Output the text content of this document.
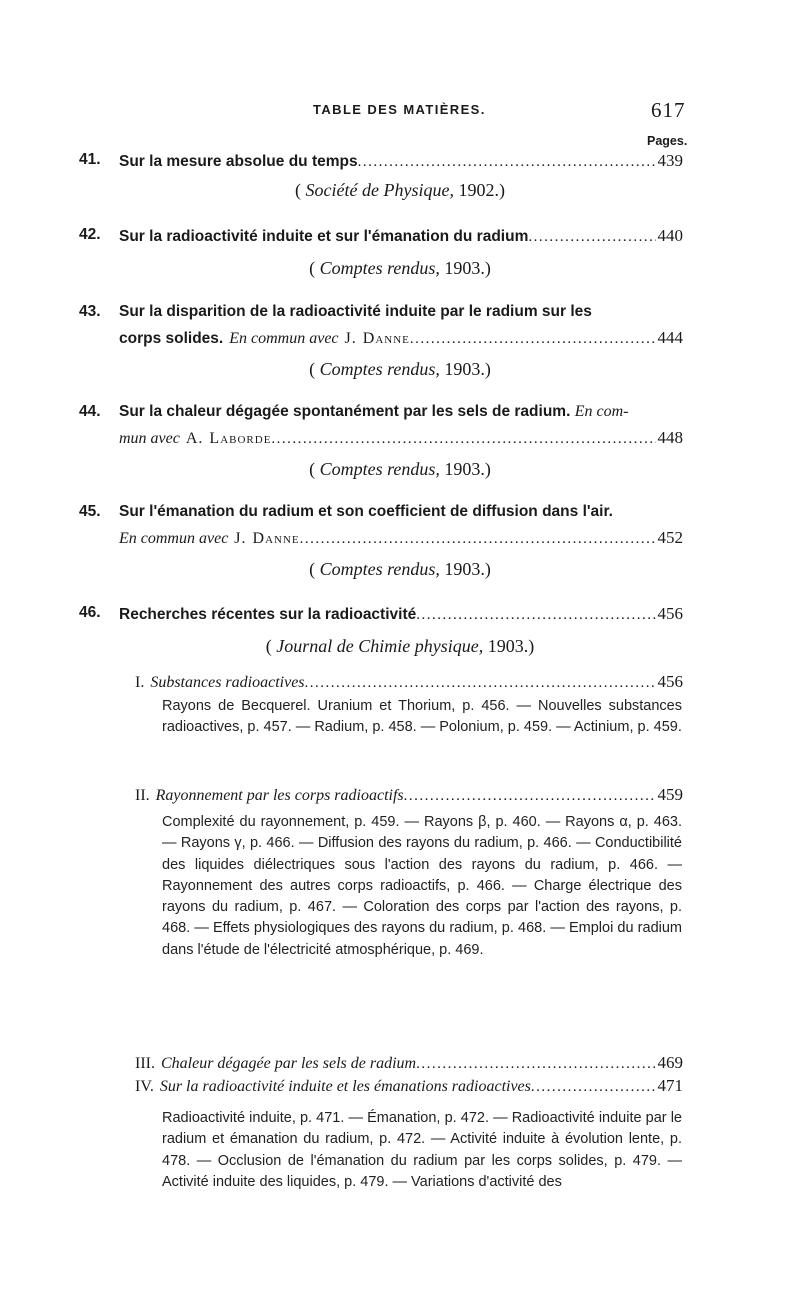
TABLE DES MATIÈRES.	617
Pages.
41. Sur la mesure absolue du temps .....	439
( Société de Physique, 1902.)
42. Sur la radioactivité induite et sur l'émanation du radium .....	440
( Comptes rendus, 1903.)
43. Sur la disparition de la radioactivité induite par le radium sur les
corps solides. En commun avec J. Danne .....	444
( Comptes rendus, 1903.)
44. Sur la chaleur dégagée spontanément par les sels de radium. En com-
mun avec A. Laborde .....	448
( Comptes rendus, 1903.)
45. Sur l'émanation du radium et son coefficient de diffusion dans l'air.
En commun avec J. Danne .....	452
( Comptes rendus, 1903.)
46. Recherches récentes sur la radioactivité .....	456
( Journal de Chimie physique, 1903.)
I. Substances radioactives .....	456
Rayons de Becquerel. Uranium et Thorium, p. 456. — Nouvelles substances radioactives, p. 457. — Radium, p. 458. — Polonium, p. 459. — Actinium, p. 459.
II. Rayonnement par les corps radioactifs .....	459
Complexité du rayonnement, p. 459. — Rayons β, p. 460. — Rayons α, p. 463. — Rayons γ, p. 466. — Diffusion des rayons du radium, p. 466. — Conductibilité des liquides diélectriques sous l'action des rayons du radium, p. 466. — Rayonnement des autres corps radioactifs, p. 466. — Charge électrique des rayons du radium, p. 467. — Coloration des corps par l'action des rayons, p. 468. — Effets physiologiques des rayons du radium, p. 468. — Emploi du radium dans l'étude de l'électricité atmosphérique, p. 469.
III. Chaleur dégagée par les sels de radium .....	469
IV. Sur la radioactivité induite et les émanations radioactives .....	471
Radioactivité induite, p. 471. — Émanation, p. 472. — Radioactivité induite par le radium et émanation du radium, p. 472. — Activité induite à évolution lente, p. 478. — Occlusion de l'émanation du radium par les corps solides, p. 479. — Activité induite des liquides, p. 479. — Variations d'activité des
